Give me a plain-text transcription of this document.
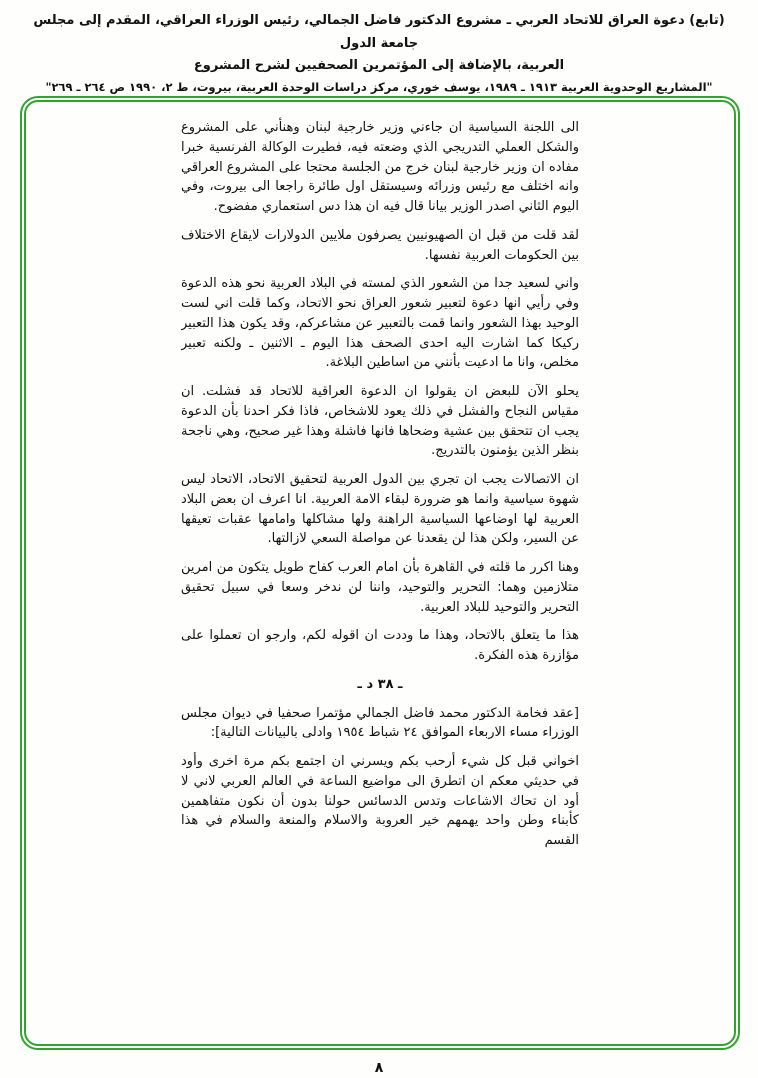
(تابع) دعوة العراق للاتحاد العربي ـ مشروع الدكتور فاضل الجمالي، رئيس الوزراء العراقي، المقدم إلى مجلس جامعة الدول
العربية، بالإضافة إلى المؤتمرين الصحفيين لشرح المشروع
"المشاريع الوحدوية العربية ١٩١٣ ـ ١٩٨٩، يوسف خوري، مركز دراسات الوحدة العربية، بيروت، ط ٢، ١٩٩٠ ص ٢٦٤ ـ ٢٦٩"

الى اللجنة السياسية ان جاءني وزير خارجية لبنان وهنأني على المشروع والشكل العملي التدريجي الذي وضعته فيه، فطيرت الوكالة الفرنسية خبرا مفاده ان وزير خارجية لبنان خرج من الجلسة محتجا على المشروع العراقي وانه اختلف مع رئيس وزرائه وسيستقل اول طائرة راجعا الى بيروت، وفي اليوم الثاني اصدر الوزير بيانا قال فيه ان هذا دس استعماري مفضوح.

لقد قلت من قبل ان الصهيونيين يصرفون ملايين الدولارات لايقاع الاختلاف بين الحكومات العربية نفسها.

واني لسعيد جدا من الشعور الذي لمسته في البلاد العربية نحو هذه الدعوة وفي رأيي انها دعوة لتعبير شعور العراق نحو الاتحاد، وكما قلت اني لست الوحيد بهذا الشعور وانما قمت بالتعبير عن مشاعركم، وقد يكون هذا التعبير ركيكا كما اشارت اليه احدى الصحف هذا اليوم ـ الاثنين ـ ولكنه تعبير مخلص، وانا ما ادعيت بأنني من اساطين البلاغة.

يحلو الآن للبعض ان يقولوا ان الدعوة العراقية للاتحاد قد فشلت. ان مقياس النجاح والفشل في ذلك يعود للاشخاص، فاذا فكر احدنا بأن الدعوة يجب ان تتحقق بين عشية وضحاها فانها فاشلة وهذا غير صحيح، وهي ناجحة بنظر الذين يؤمنون بالتدريج.

ان الاتصالات يجب ان تجري بين الدول العربية لتحقيق الاتحاد، الاتحاد ليس شهوة سياسية وانما هو ضرورة لبقاء الامة العربية. انا اعرف ان بعض البلاد العربية لها اوضاعها السياسية الراهنة ولها مشاكلها وامامها عقبات تعيقها عن السير، ولكن هذا لن يقعدنا عن مواصلة السعي لازالتها.

وهنا اكرر ما قلته في القاهرة بأن امام العرب كفاح طويل يتكون من امرين متلازمين وهما: التحرير والتوحيد، واننا لن ندخر وسعا في سبيل تحقيق التحرير والتوحيد للبلاد العربية.

هذا ما يتعلق بالاتحاد، وهذا ما وددت ان اقوله لكم، وارجو ان تعملوا على مؤازرة هذه الفكرة.

ـ ٣٨ د ـ

[عقد فخامة الدكتور محمد فاضل الجمالي مؤتمرا صحفيا في ديوان مجلس الوزراء مساء الاربعاء الموافق ٢٤ شباط ١٩٥٤ وادلى بالبيانات التالية]:

اخواني قبل كل شيء أرحب بكم ويسرني ان اجتمع بكم مرة اخرى وأود في حديثي معكم ان اتطرق الى مواضيع الساعة في العالم العربي لاني لا أود ان تحاك الاشاعات وتدس الدسائس حولنا بدون أن نكون متفاهمين كأبناء وطن واحد يهمهم خير العروبة والاسلام والمنعة والسلام في هذا القسم

٨
